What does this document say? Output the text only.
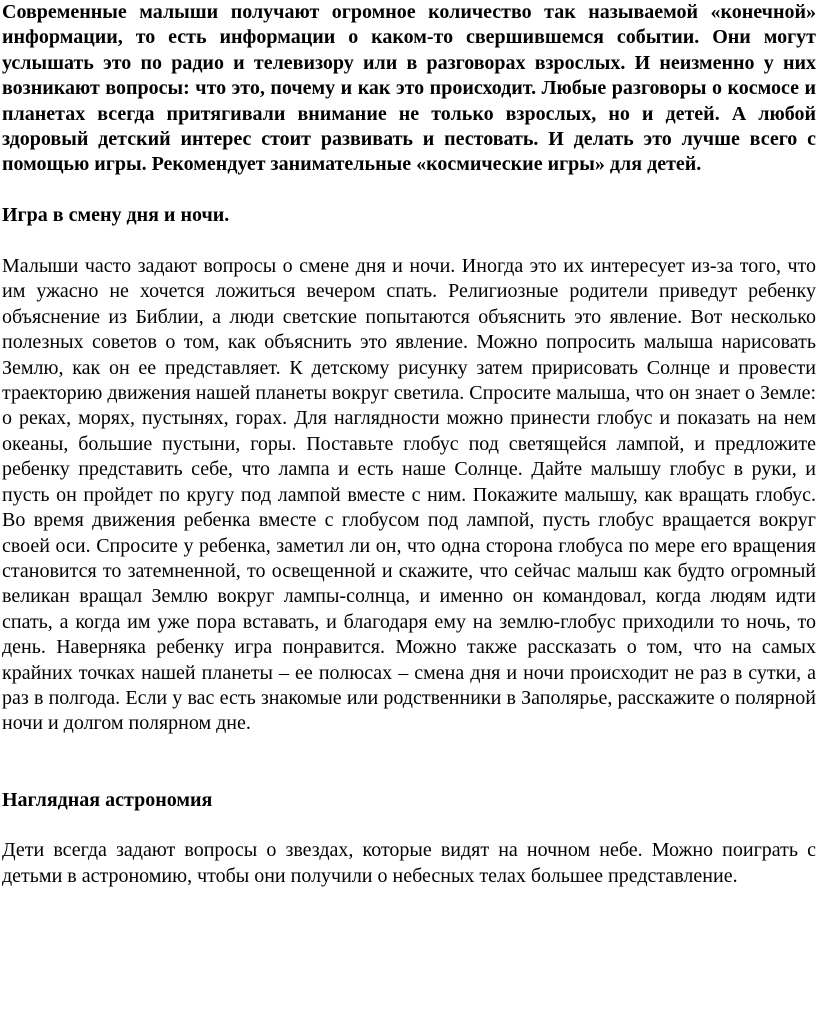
Современные малыши получают огромное количество так называемой «конечной» информации, то есть информации о каком-то свершившемся событии. Они могут услышать это по радио и телевизору или в разговорах взрослых. И неизменно у них возникают вопросы: что это, почему и как это происходит. Любые разговоры о космосе и планетах всегда притягивали внимание не только взрослых, но и детей. А любой здоровый детский интерес стоит развивать и пестовать. И делать это лучше всего с помощью игры. Рекомендует занимательные «космические игры» для детей.

Игра в смену дня и ночи.

Малыши часто задают вопросы о смене дня и ночи. Иногда это их интересует из-за того, что им ужасно не хочется ложиться вечером спать. Религиозные родители приведут ребенку объяснение из Библии, а люди светские попытаются объяснить это явление. Вот несколько полезных советов о том, как объяснить это явление. Можно попросить малыша нарисовать Землю, как он ее представляет. К детскому рисунку затем пририсовать Солнце и провести траекторию движения нашей планеты вокруг светила. Спросите малыша, что он знает о Земле: о реках, морях, пустынях, горах. Для наглядности можно принести глобус и показать на нем океаны, большие пустыни, горы. Поставьте глобус под светящейся лампой, и предложите ребенку представить себе, что лампа и есть наше Солнце. Дайте малышу глобус в руки, и пусть он пройдет по кругу под лампой вместе с ним. Покажите малышу, как вращать глобус. Во время движения ребенка вместе с глобусом под лампой, пусть глобус вращается вокруг своей оси. Спросите у ребенка, заметил ли он, что одна сторона глобуса по мере его вращения становится то затемненной, то освещенной и скажите, что сейчас малыш как будто огромный великан вращал Землю вокруг лампы-солнца, и именно он командовал, когда людям идти спать, а когда им уже пора вставать, и благодаря ему на землю-глобус приходили то ночь, то день. Наверняка ребенку игра понравится. Можно также рассказать о том, что на самых крайних точках нашей планеты – ее полюсах – смена дня и ночи происходит не раз в сутки, а раз в полгода. Если у вас есть знакомые или родственники в Заполярье, расскажите о полярной ночи и долгом полярном дне.

Наглядная астрономия

Дети всегда задают вопросы о звездах, которые видят на ночном небе. Можно поиграть с детьми в астрономию, чтобы они получили о небесных телах большее представление.
